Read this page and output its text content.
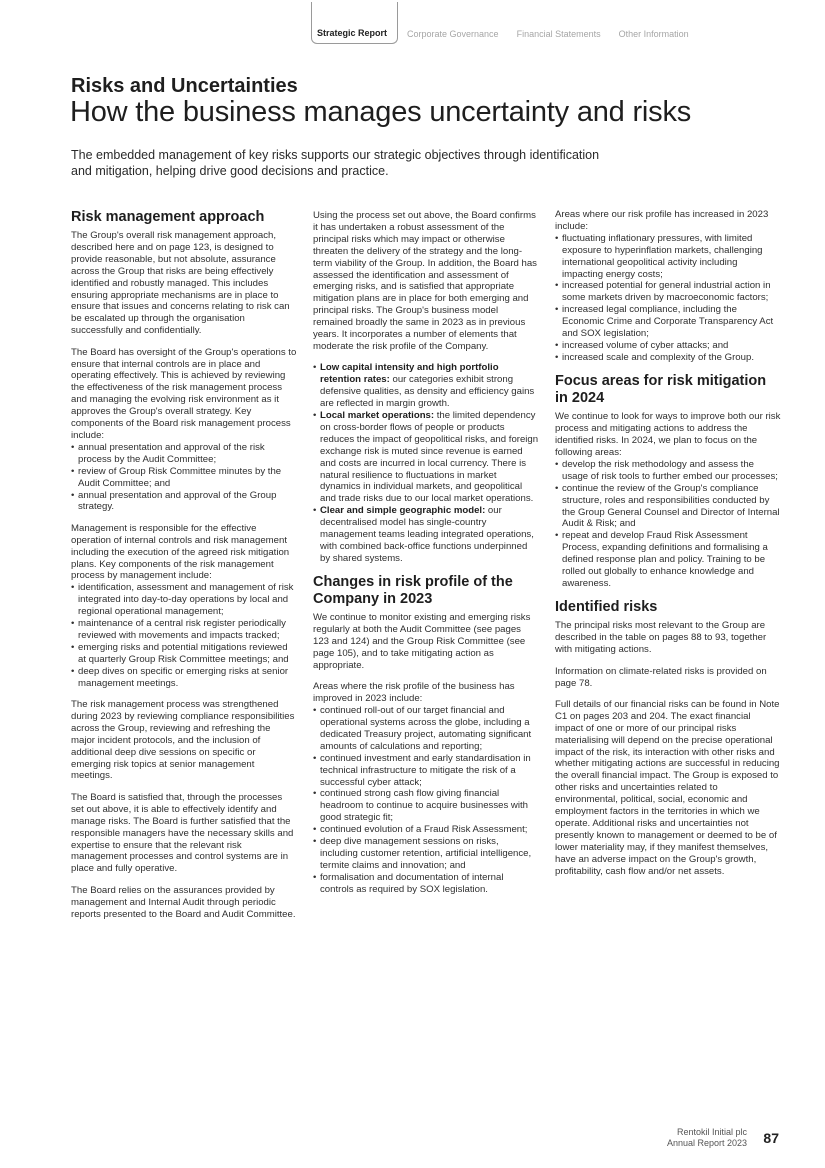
Strategic Report	Corporate Governance	Financial Statements	Other Information
Risks and Uncertainties
How the business manages uncertainty and risks
The embedded management of key risks supports our strategic objectives through identification and mitigation, helping drive good decisions and practice.
Risk management approach

The Group's overall risk management approach, described here and on page 123, is designed to provide reasonable, but not absolute, assurance across the Group that risks are being effectively identified and robustly managed. This includes ensuring appropriate mechanisms are in place to ensure that issues and concerns relating to risk can be escalated up through the organisation successfully and confidentially.

The Board has oversight of the Group's operations to ensure that internal controls are in place and operating effectively. This is achieved by reviewing the effectiveness of the risk management process and managing the evolving risk environment as it approves the Group's overall strategy. Key components of the Board risk management process include:

• annual presentation and approval of the risk process by the Audit Committee;
• review of Group Risk Committee minutes by the Audit Committee; and
• annual presentation and approval of the Group strategy.

Management is responsible for the effective operation of internal controls and risk management including the execution of the agreed risk mitigation plans. Key components of the risk management process by management include:

• identification, assessment and management of risk integrated into day-to-day operations by local and regional operational management;
• maintenance of a central risk register periodically reviewed with movements and impacts tracked;
• emerging risks and potential mitigations reviewed at quarterly Group Risk Committee meetings; and
• deep dives on specific or emerging risks at senior management meetings.

The risk management process was strengthened during 2023 by reviewing compliance responsibilities across the Group, reviewing and refreshing the major incident protocols, and the inclusion of additional deep dive sessions on specific or emerging risk topics at senior management meetings.

The Board is satisfied that, through the processes set out above, it is able to effectively identify and manage risks. The Board is further satisfied that the responsible managers have the necessary skills and expertise to ensure that the relevant risk management processes and control systems are in place and fully operative.

The Board relies on the assurances provided by management and Internal Audit through periodic reports presented to the Board and Audit Committee.

Using the process set out above, the Board confirms it has undertaken a robust assessment of the principal risks which may impact or otherwise threaten the delivery of the strategy and the long-term viability of the Group. In addition, the Board has assessed the identification and assessment of emerging risks, and is satisfied that appropriate mitigation plans are in place for both emerging and principal risks. The Group's business model remained broadly the same in 2023 as in previous years. It incorporates a number of elements that moderate the risk profile of the Company.

• Low capital intensity and high portfolio retention rates: our categories exhibit strong defensive qualities, as density and efficiency gains are reflected in margin growth.
• Local market operations: the limited dependency on cross-border flows of people or products reduces the impact of geopolitical risks, and foreign exchange risk is muted since revenue is earned and costs are incurred in local currency. There is natural resilience to fluctuations in market dynamics in individual markets, and geopolitical and trade risks due to our local market operations.
• Clear and simple geographic model: our decentralised model has single-country management teams leading integrated operations, with combined back-office functions underpinned by shared systems.
Changes in risk profile of the Company in 2023

We continue to monitor existing and emerging risks regularly at both the Audit Committee (see pages 123 and 124) and the Group Risk Committee (see page 105), and to take mitigating action as appropriate.

Areas where the risk profile of the business has improved in 2023 include:

• continued roll-out of our target financial and operational systems across the globe, including a dedicated Treasury project, automating significant amounts of calculations and reporting;
• continued investment and early standardisation in technical infrastructure to mitigate the risk of a successful cyber attack;
• continued strong cash flow giving financial headroom to continue to acquire businesses with good strategic fit;
• continued evolution of a Fraud Risk Assessment;
• deep dive management sessions on risks, including customer retention, artificial intelligence, termite claims and innovation; and
• formalisation and documentation of internal controls as required by SOX legislation.

Areas where our risk profile has increased in 2023 include:

• fluctuating inflationary pressures, with limited exposure to hyperinflation markets, challenging international geopolitical activity including impacting energy costs;
• increased potential for general industrial action in some markets driven by macroeconomic factors;
• increased legal compliance, including the Economic Crime and Corporate Transparency Act and SOX legislation;
• increased volume of cyber attacks; and
• increased scale and complexity of the Group.
Focus areas for risk mitigation in 2024

We continue to look for ways to improve both our risk process and mitigating actions to address the identified risks. In 2024, we plan to focus on the following areas:

• develop the risk methodology and assess the usage of risk tools to further embed our processes;
• continue the review of the Group's compliance structure, roles and responsibilities conducted by the Group General Counsel and Director of Internal Audit & Risk; and
• repeat and develop Fraud Risk Assessment Process, expanding definitions and formalising a defined response plan and policy. Training to be rolled out globally to enhance knowledge and awareness.
Identified risks

The principal risks most relevant to the Group are described in the table on pages 88 to 93, together with mitigating actions.

Information on climate-related risks is provided on page 78.

Full details of our financial risks can be found in Note C1 on pages 203 and 204. The exact financial impact of one or more of our principal risks materialising will depend on the precise operational impact of the risk, its interaction with other risks and whether mitigating actions are successful in reducing the overall financial impact. The Group is exposed to other risks and uncertainties related to environmental, political, social, economic and employment factors in the territories in which we operate. Additional risks and uncertainties not presently known to management or deemed to be of lower materiality may, if they manifest themselves, have an adverse impact on the Group's growth, profitability, cash flow and/or net assets.

Rentokil Initial plc
Annual Report 2023 87
